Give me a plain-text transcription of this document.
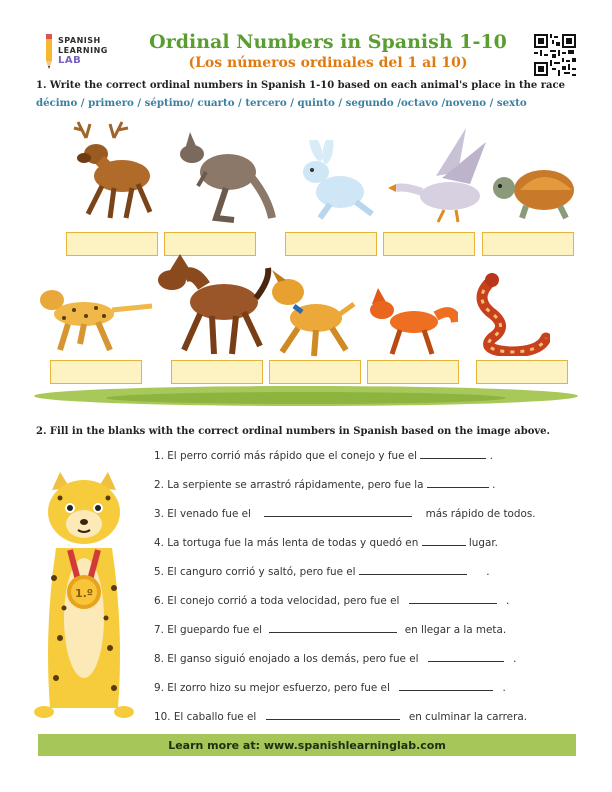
SPANISH
LEARNING
LAB
Ordinal Numbers in Spanish 1-10
(Los números ordinales del 1 al 10)
1. Write the correct ordinal numbers in Spanish 1-10 based on each animal's place in the race
décimo / primero / séptimo/ cuarto / tercero / quinto / segundo /octavo /noveno / sexto
2. Fill in the blanks with the correct ordinal numbers in Spanish based on the image above.
1. El perro corrió más rápido que el conejo y fue el	.
2. La serpiente se arrastró rápidamente, pero fue la	.
3. El venado fue el	más rápido de todos.
4. La tortuga fue la más lenta de todas y quedó en	lugar.
5. El canguro corrió y saltó, pero fue el	.
6. El conejo corrió a toda velocidad, pero fue el	.
7. El guepardo fue el	en llegar a la meta.
8. El ganso siguió enojado a los demás, pero fue el	.
9. El zorro hizo su mejor esfuerzo, pero fue el	.
10. El caballo fue el	en culminar la carrera.
1.º
Learn more at: www.spanishlearninglab.com
